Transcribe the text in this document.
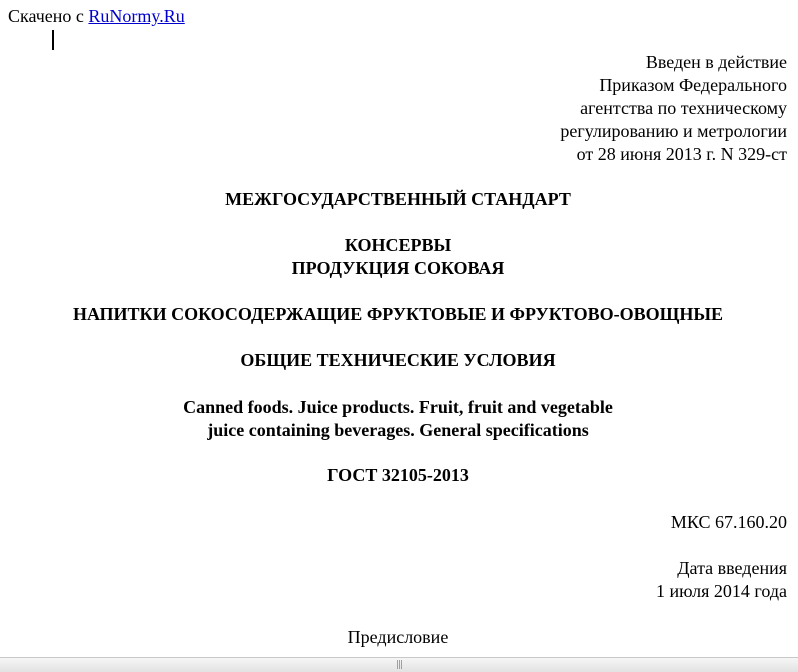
Скачено с RuNormy.Ru
Введен в действие
Приказом Федерального
агентства по техническому
регулированию и метрологии
от 28 июня 2013 г. N 329-ст
МЕЖГОСУДАРСТВЕННЫЙ СТАНДАРТ
КОНСЕРВЫ
ПРОДУКЦИЯ СОКОВАЯ
НАПИТКИ СОКОСОДЕРЖАЩИЕ ФРУКТОВЫЕ И ФРУКТОВО-ОВОЩНЫЕ
ОБЩИЕ ТЕХНИЧЕСКИЕ УСЛОВИЯ
Canned foods. Juice products. Fruit, fruit and vegetable
juice containing beverages. General specifications
ГОСТ 32105-2013
МКС 67.160.20
Дата введения
1 июля 2014 года
Предисловие
|||
